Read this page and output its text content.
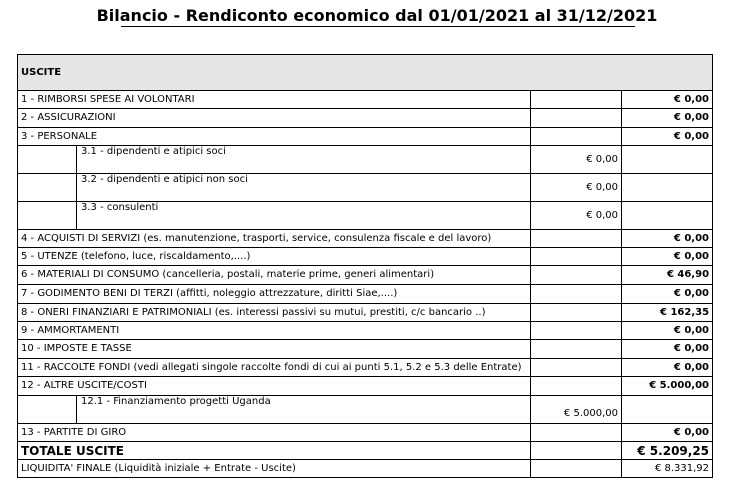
Bilancio - Rendiconto economico dal 01/01/2021 al 31/12/2021
USCITE		
1 - RIMBORSI SPESE AI VOLONTARI		€ 0,00
2 - ASSICURAZIONI		€ 0,00
3 - PERSONALE		€ 0,00

3.1 - dipendenti e atipici soci	€ 0,00	

3.2 - dipendenti e atipici non soci	€ 0,00	

3.3 - consulenti	€ 0,00	
4 - ACQUISTI DI SERVIZI (es. manutenzione, trasporti, service, consulenza fiscale e del lavoro)		€ 0,00
5 - UTENZE (telefono, luce, riscaldamento,....)		€ 0,00
6 - MATERIALI DI CONSUMO (cancelleria, postali, materie prime, generi alimentari)		€ 46,90
7 - GODIMENTO BENI DI TERZI (affitti, noleggio attrezzature, diritti Siae,....)		€ 0,00
8 - ONERI FINANZIARI E PATRIMONIALI (es. interessi passivi su mutui, prestiti, c/c bancario ..)		€ 162,35
9 - AMMORTAMENTI		€ 0,00
10 - IMPOSTE E TASSE		€ 0,00
11 - RACCOLTE FONDI (vedi allegati singole raccolte fondi di cui ai punti 5.1, 5.2 e 5.3 delle Entrate)		€ 0,00
12 - ALTRE USCITE/COSTI		€ 5.000,00

12.1 - Finanziamento progetti Uganda	€ 5.000,00	
13 - PARTITE DI GIRO		€ 0,00
TOTALE USCITE		€ 5.209,25
LIQUIDITA' FINALE (Liquidità iniziale + Entrate - Uscite)		€ 8.331,92
